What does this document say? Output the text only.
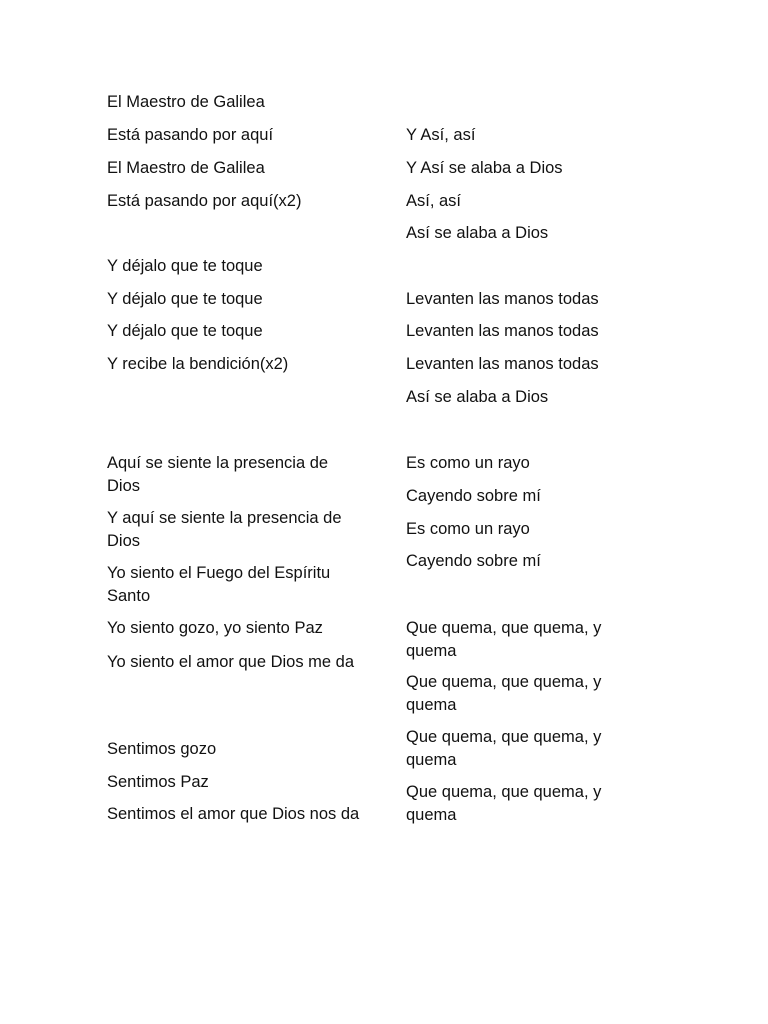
El Maestro de Galilea
Está pasando por aquí
El Maestro de Galilea
Está pasando por aquí(x2)
Y déjalo que te toque
Y déjalo que te toque
Y déjalo que te toque
Y recibe la bendición(x2)
Aquí se siente la presencia de Dios
Y aquí se siente la presencia de Dios
Yo siento el Fuego del Espíritu Santo
Yo siento gozo, yo siento Paz
Yo siento el amor que Dios me da
Sentimos gozo
Sentimos Paz
Sentimos el amor que Dios nos da
Y Así, así
Y Así se alaba a Dios
Así, así
Así se alaba a Dios
Levanten las manos todas
Levanten las manos todas
Levanten las manos todas
Así se alaba a Dios
Es como un rayo
Cayendo sobre mí
Es como un rayo
Cayendo sobre mí
Que quema, que quema, y quema
Que quema, que quema, y quema
Que quema, que quema, y quema
Que quema, que quema, y quema
